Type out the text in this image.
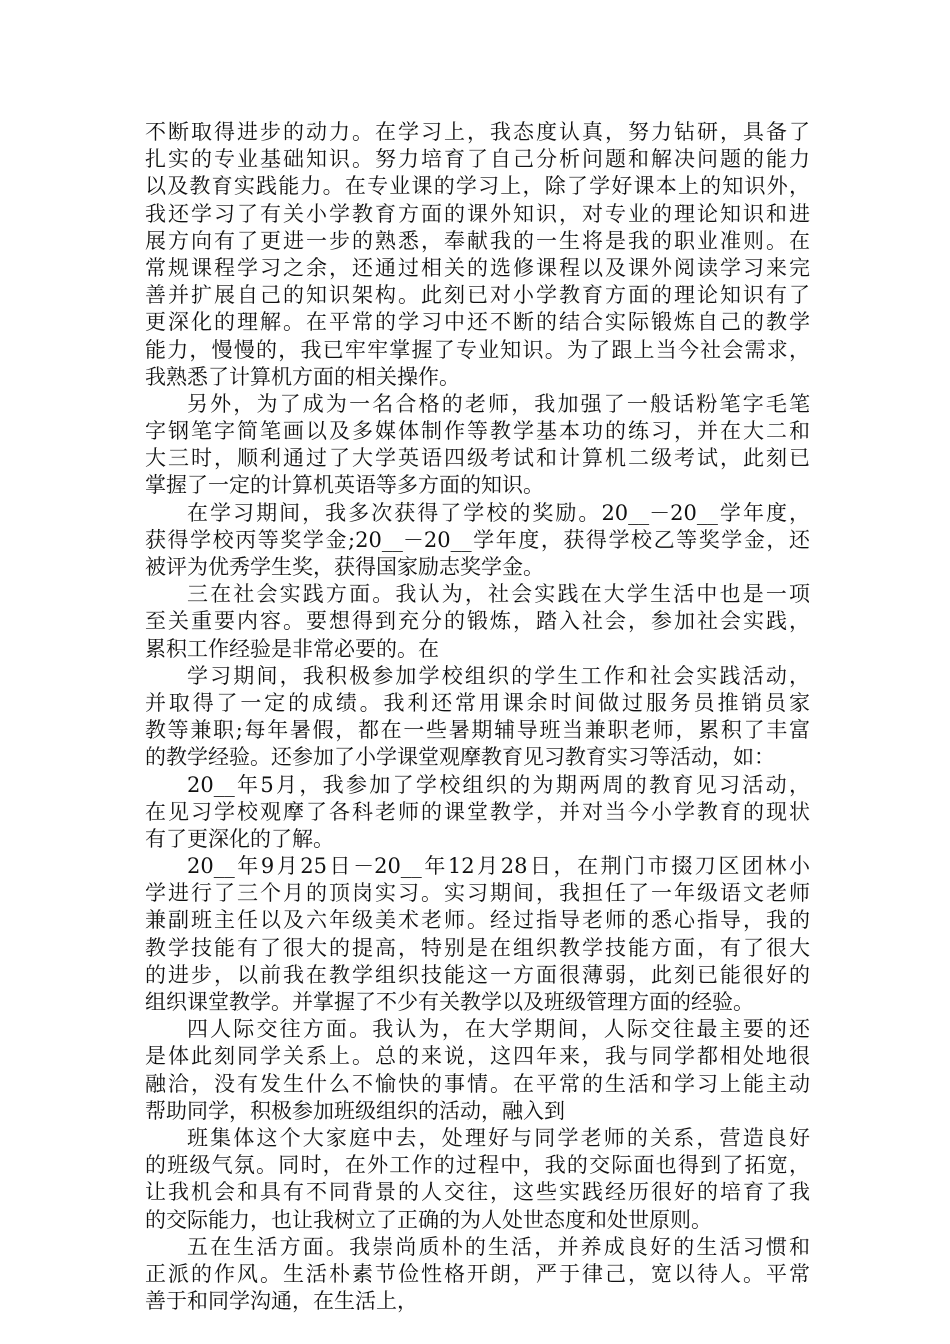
不断取得进步的动力。在学习上，我态度认真，努力钻研，具备了
扎实的专业基础知识。努力培育了自己分析问题和解决问题的能力
以及教育实践能力。在专业课的学习上，除了学好课本上的知识外，
我还学习了有关小学教育方面的课外知识，对专业的理论知识和进
展方向有了更进一步的熟悉，奉献我的一生将是我的职业准则。在
常规课程学习之余，还通过相关的选修课程以及课外阅读学习来完
善并扩展自己的知识架构。此刻已对小学教育方面的理论知识有了
更深化的理解。在平常的学习中还不断的结合实际锻炼自己的教学
能力，慢慢的，我已牢牢掌握了专业知识。为了跟上当今社会需求，
我熟悉了计算机方面的相关操作。
另外，为了成为一名合格的老师，我加强了一般话粉笔字毛笔
字钢笔字简笔画以及多媒体制作等教学基本功的练习，并在大二和
大三时，顺利通过了大学英语四级考试和计算机二级考试，此刻已
掌握了一定的计算机英语等多方面的知识。
在学习期间，我多次获得了学校的奖励。20__－20__学年度，
获得学校丙等奖学金;20__－20__学年度，获得学校乙等奖学金，还
被评为优秀学生奖，获得国家励志奖学金。
三在社会实践方面。我认为，社会实践在大学生活中也是一项
至关重要内容。要想得到充分的锻炼，踏入社会，参加社会实践，
累积工作经验是非常必要的。在
学习期间，我积极参加学校组织的学生工作和社会实践活动，
并取得了一定的成绩。我利还常用课余时间做过服务员推销员家
教等兼职;每年暑假，都在一些暑期辅导班当兼职老师，累积了丰富
的教学经验。还参加了小学课堂观摩教育见习教育实习等活动，如：
20__年5月，我参加了学校组织的为期两周的教育见习活动，
在见习学校观摩了各科老师的课堂教学，并对当今小学教育的现状
有了更深化的了解。
20__年9月25日－20__年12月28日，在荆门市掇刀区团林小
学进行了三个月的顶岗实习。实习期间，我担任了一年级语文老师
兼副班主任以及六年级美术老师。经过指导老师的悉心指导，我的
教学技能有了很大的提高，特别是在组织教学技能方面，有了很大
的进步，以前我在教学组织技能这一方面很薄弱，此刻已能很好的
组织课堂教学。并掌握了不少有关教学以及班级管理方面的经验。
四人际交往方面。我认为，在大学期间，人际交往最主要的还
是体此刻同学关系上。总的来说，这四年来，我与同学都相处地很
融洽，没有发生什么不愉快的事情。在平常的生活和学习上能主动
帮助同学，积极参加班级组织的活动，融入到
班集体这个大家庭中去，处理好与同学老师的关系，营造良好
的班级气氛。同时，在外工作的过程中，我的交际面也得到了拓宽，
让我机会和具有不同背景的人交往，这些实践经历很好的培育了我
的交际能力，也让我树立了正确的为人处世态度和处世原则。
五在生活方面。我崇尚质朴的生活，并养成良好的生活习惯和
正派的作风。生活朴素节俭性格开朗，严于律己，宽以待人。平常
善于和同学沟通，在生活上，
